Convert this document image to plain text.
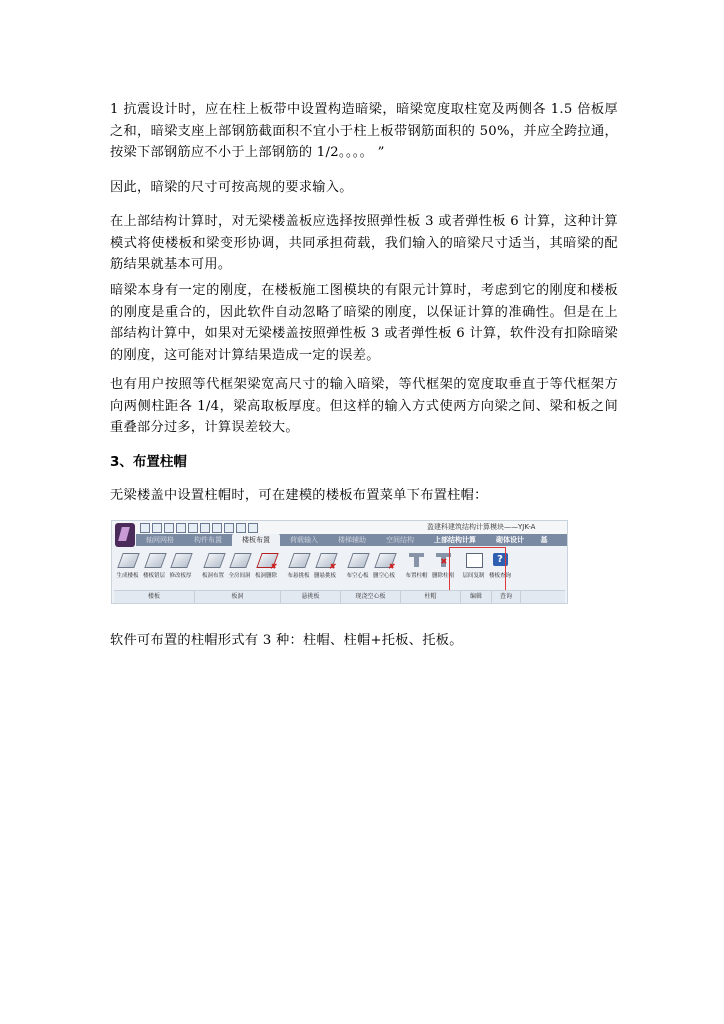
1 抗震设计时，应在柱上板带中设置构造暗梁，暗梁宽度取柱宽及两侧各 1.5 倍板厚之和，暗梁支座上部钢筋截面积不宜小于柱上板带钢筋面积的 50%，并应全跨拉通，按梁下部钢筋应不小于上部钢筋的 1/2。。。。 ”

因此，暗梁的尺寸可按高规的要求输入。

在上部结构计算时，对无梁楼盖板应选择按照弹性板 3 或者弹性板 6 计算，这种计算模式将使楼板和梁变形协调，共同承担荷载，我们输入的暗梁尺寸适当，其暗梁的配筋结果就基本可用。

暗梁本身有一定的刚度，在楼板施工图模块的有限元计算时，考虑到它的刚度和楼板的刚度是重合的，因此软件自动忽略了暗梁的刚度，以保证计算的准确性。但是在上部结构计算中，如果对无梁楼盖按照弹性板 3 或者弹性板 6 计算，软件没有扣除暗梁的刚度，这可能对计算结果造成一定的误差。

也有用户按照等代框架梁宽高尺寸的输入暗梁，等代框架的宽度取垂直于等代框架方向两侧柱距各 1/4，梁高取板厚度。但这样的输入方式使两方向梁之间、梁和板之间重叠部分过多，计算误差较大。

3、布置柱帽

无梁楼盖中设置柱帽时，可在建模的楼板布置菜单下布置柱帽：

盈建科建筑结构计算模块——YJK-A
轴网网格	构件布置	楼板布置	荷载输入	楼梯辅助	空间结构	上部结构计算	砌体设计	基
生成楼板 楼板错层 修改板厚	板洞布置 全房间洞
✖ 板洞删除	布悬挑板
✖ 删悬挑板	布空心板
✖ 删空心板	布置柱帽
✖ 删除柱帽	层间复制
?
楼板查询
楼板	板洞	悬挑板	现浇空心板	柱帽	编辑	查询

软件可布置的柱帽形式有 3 种：柱帽、柱帽+托板、托板。
